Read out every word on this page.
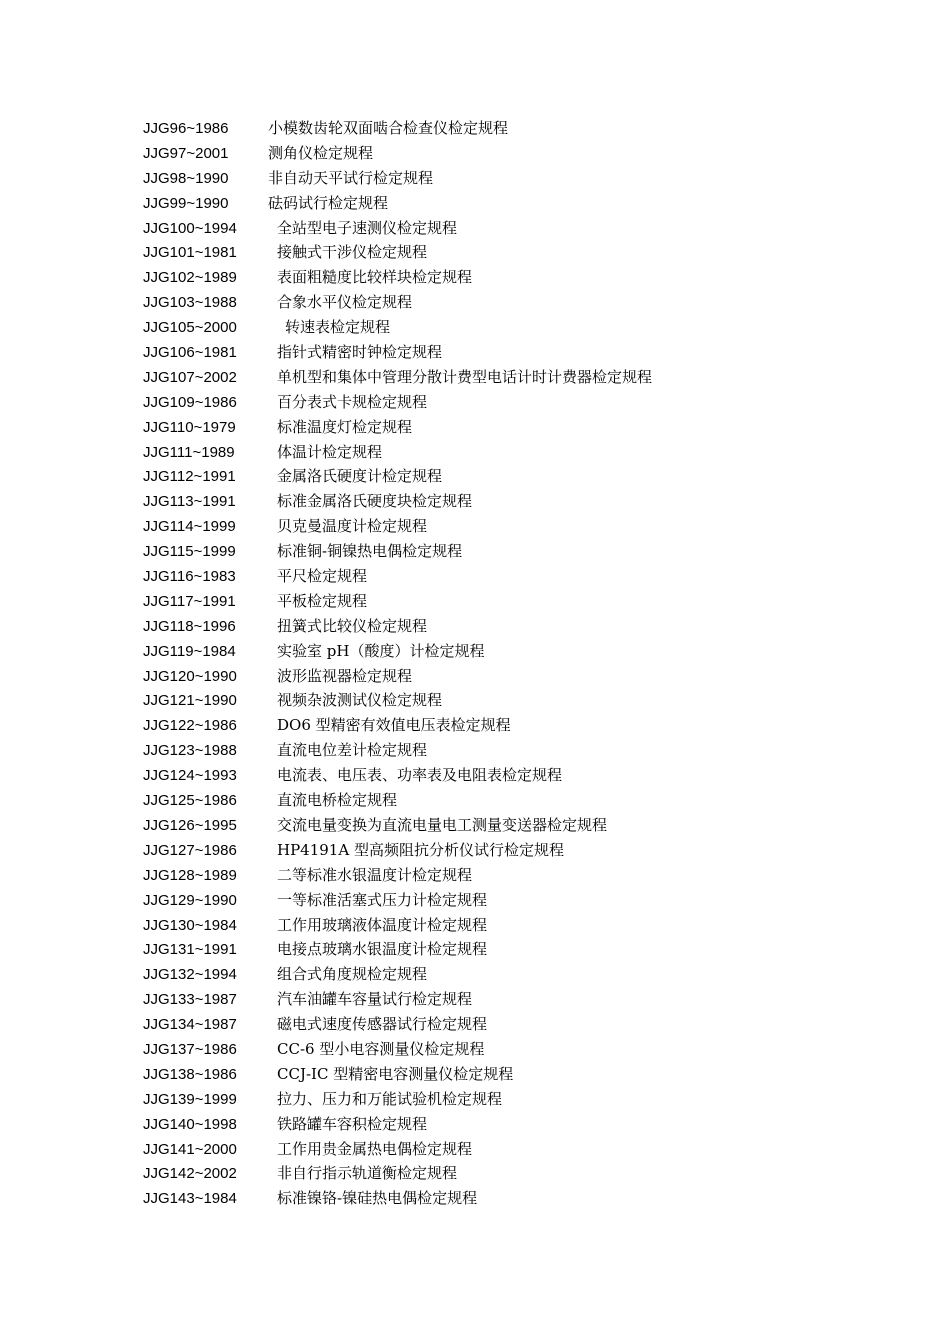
JJG96~1986	小模数齿轮双面啮合检查仪检定规程
JJG97~2001	测角仪检定规程
JJG98~1990	非自动天平试行检定规程
JJG99~1990	砝码试行检定规程
JJG100~1994	全站型电子速测仪检定规程
JJG101~1981	接触式干涉仪检定规程
JJG102~1989	表面粗糙度比较样块检定规程
JJG103~1988	合象水平仪检定规程
JJG105~2000	转速表检定规程
JJG106~1981	指针式精密时钟检定规程
JJG107~2002	单机型和集体中管理分散计费型电话计时计费器检定规程
JJG109~1986	百分表式卡规检定规程
JJG110~1979	标准温度灯检定规程
JJG111~1989	体温计检定规程
JJG112~1991	金属洛氏硬度计检定规程
JJG113~1991	标准金属洛氏硬度块检定规程
JJG114~1999	贝克曼温度计检定规程
JJG115~1999	标准铜-铜镍热电偶检定规程
JJG116~1983	平尺检定规程
JJG117~1991	平板检定规程
JJG118~1996	扭簧式比较仪检定规程
JJG119~1984	实验室 pH（酸度）计检定规程
JJG120~1990	波形监视器检定规程
JJG121~1990	视频杂波测试仪检定规程
JJG122~1986	DO6 型精密有效值电压表检定规程
JJG123~1988	直流电位差计检定规程
JJG124~1993	电流表、电压表、功率表及电阻表检定规程
JJG125~1986	直流电桥检定规程
JJG126~1995	交流电量变换为直流电量电工测量变送器检定规程
JJG127~1986	HP4191A 型高频阻抗分析仪试行检定规程
JJG128~1989	二等标准水银温度计检定规程
JJG129~1990	一等标准活塞式压力计检定规程
JJG130~1984	工作用玻璃液体温度计检定规程
JJG131~1991	电接点玻璃水银温度计检定规程
JJG132~1994	组合式角度规检定规程
JJG133~1987	汽车油罐车容量试行检定规程
JJG134~1987	磁电式速度传感器试行检定规程
JJG137~1986	CC-6 型小电容测量仪检定规程
JJG138~1986	CCJ-IC 型精密电容测量仪检定规程
JJG139~1999	拉力、压力和万能试验机检定规程
JJG140~1998	铁路罐车容积检定规程
JJG141~2000	工作用贵金属热电偶检定规程
JJG142~2002	非自行指示轨道衡检定规程
JJG143~1984	标准镍铬-镍硅热电偶检定规程
